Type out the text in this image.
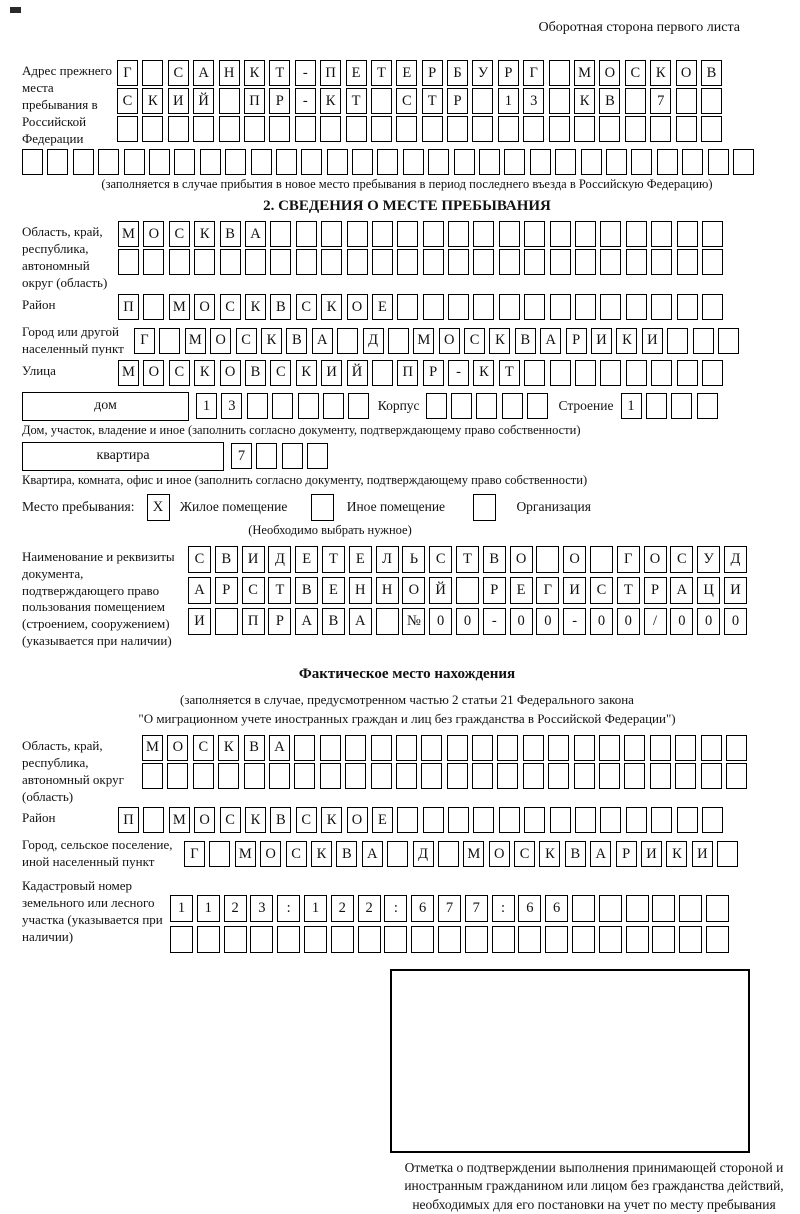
Оборотная сторона первого листа
Адрес прежнего места пребывания в Российской Федерации
Г	С	А	Н	К	Т	-	П	Е	Т	Е	Р	Б	У	Р	Г	М О	С	К	О	В
С	К	И	Й	П	Р	-	К	Т	С	Т	Р	1	3	К	В	7
(заполняется в случае прибытия в новое место пребывания в период последнего въезда в Российскую Федерацию)
2. СВЕДЕНИЯ О МЕСТЕ ПРЕБЫВАНИЯ
Область, край, республика, автономный округ (область)
М О	С	К	В	А
Район	П	М О	С	К	В	С	К	О	Е
Город или другой населенный пункт	Г	М О	С	К	В	А	Д	М О	С	К	В	А	Р	И	К	И
Улица	М О	С	К	О	В	С	К	И	Й	П	Р	-	К	Т
дом	1	3	Корпус	Строение 1
Дом, участок, владение и иное (заполнить согласно документу, подтверждающему право собственности)
квартира	7
Квартира, комната, офис и иное (заполнить согласно документу, подтверждающему право собственности)
Место пребывания:	X	Жилое помещение	Иное помещение	Организация
(Необходимо выбрать нужное)
Наименование и реквизиты документа, подтверждающего право пользования помещением (строением, сооружением) (указывается при наличии)
С	В	И	Д	Е	Т	Е	Л	Ь	С	Т	В	О	О	Г	О	С	У	Д
А	Р	С	Т	В	Е	Н	Н	О	Й	Р	Е	Г	И	С	Т	Р	А	Ц	И
И	П	Р	А	В	А	№	0	0	-	0	0	-	0	0	/	0	0	0
Фактическое место нахождения
(заполняется в случае, предусмотренном частью 2 статьи 21 Федерального закона
"О миграционном учете иностранных граждан и лиц без гражданства в Российской Федерации")
Область, край, республика, автономный округ (область)
М О	С	К	В	А
Район	П	М О	С	К	В	С	К	О	Е
Город, сельское поселение, иной населенный пункт	Г	М О	С	К	В	А	Д	М О	С	К	В	А	Р	И	К	И
Кадастровый номер земельного или лесного участка (указывается при наличии)
1	1	2	3	:	1	2	2	:	6	7	7	:	6	6
Отметка о подтверждении выполнения принимающей стороной и иностранным гражданином или лицом без гражданства действий, необходимых для его постановки на учет по месту пребывания
